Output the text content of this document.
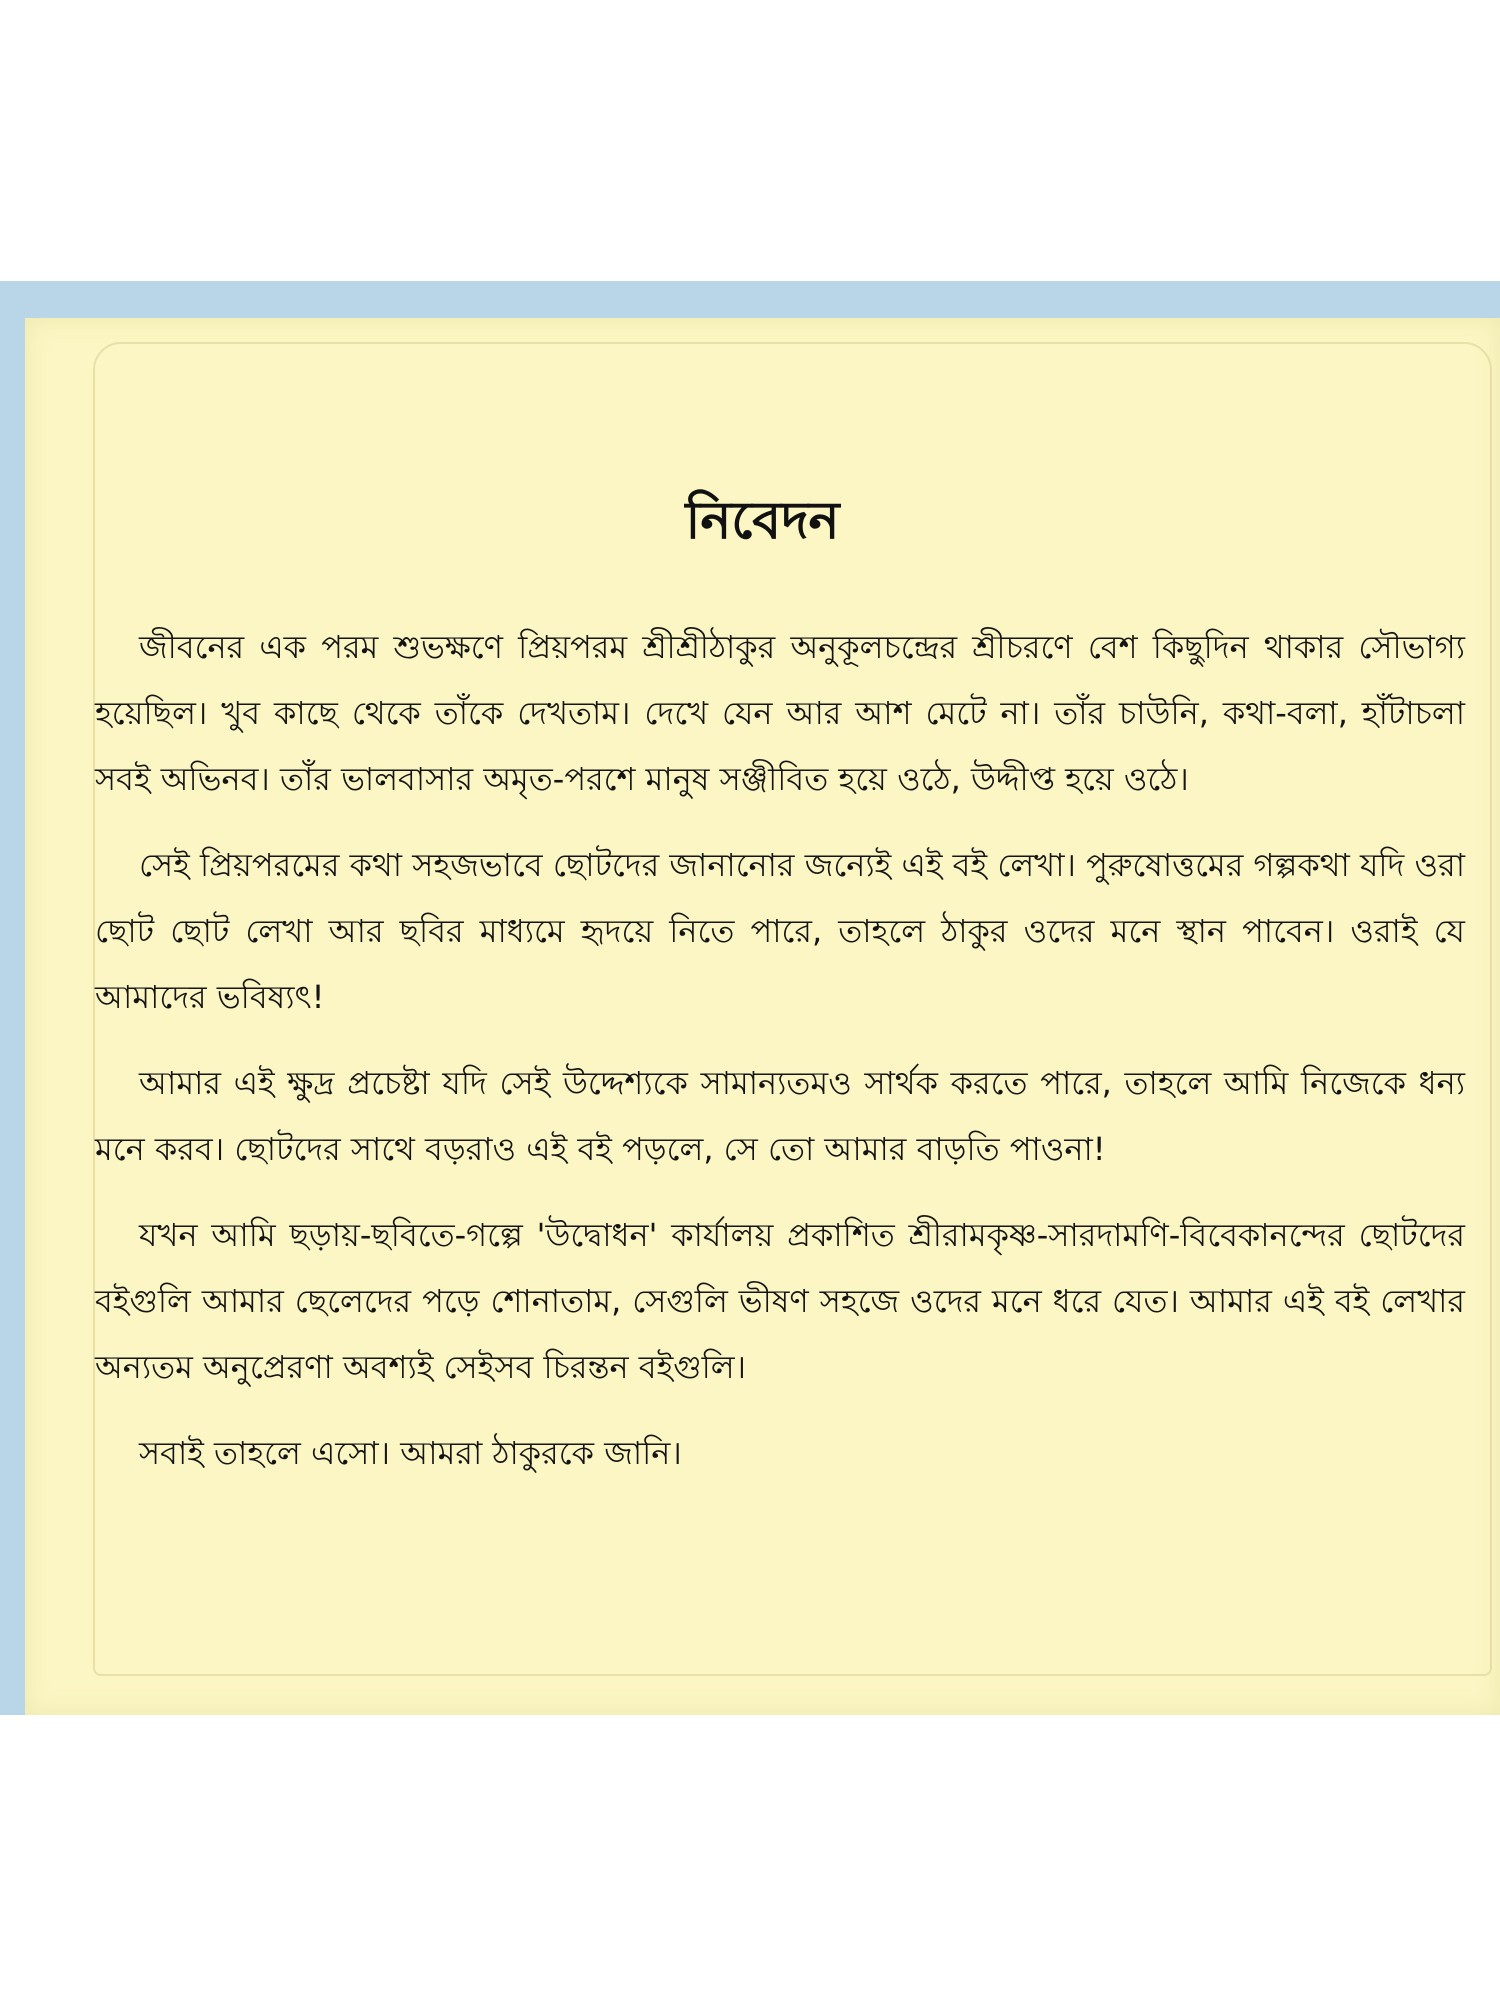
নিবেদন

জীবনের এক পরম শুভক্ষণে প্রিয়পরম শ্রীশ্রীঠাকুর অনুকূলচন্দ্রের শ্রীচরণে বেশ কিছুদিন থাকার সৌভাগ্য হয়েছিল। খুব কাছে থেকে তাঁকে দেখতাম। দেখে যেন আর আশ মেটে না। তাঁর চাউনি, কথা-বলা, হাঁটাচলা সবই অভিনব। তাঁর ভালবাসার অমৃত-পরশে মানুষ সঞ্জীবিত হয়ে ওঠে, উদ্দীপ্ত হয়ে ওঠে।

সেই প্রিয়পরমের কথা সহজভাবে ছোটদের জানানোর জন্যেই এই বই লেখা। পুরুষোত্তমের গল্পকথা যদি ওরা ছোট ছোট লেখা আর ছবির মাধ্যমে হৃদয়ে নিতে পারে, তাহলে ঠাকুর ওদের মনে স্থান পাবেন। ওরাই যে আমাদের ভবিষ্যৎ!

আমার এই ক্ষুদ্র প্রচেষ্টা যদি সেই উদ্দেশ্যকে সামান্যতমও সার্থক করতে পারে, তাহলে আমি নিজেকে ধন্য মনে করব। ছোটদের সাথে বড়রাও এই বই পড়লে, সে তো আমার বাড়তি পাওনা!

যখন আমি ছড়ায়-ছবিতে-গল্পে 'উদ্বোধন' কার্যালয় প্রকাশিত শ্রীরামকৃষ্ণ-সারদামণি-বিবেকানন্দের ছোটদের বইগুলি আমার ছেলেদের পড়ে শোনাতাম, সেগুলি ভীষণ সহজে ওদের মনে ধরে যেত। আমার এই বই লেখার অন্যতম অনুপ্রেরণা অবশ্যই সেইসব চিরন্তন বইগুলি।

সবাই তাহলে এসো। আমরা ঠাকুরকে জানি।
